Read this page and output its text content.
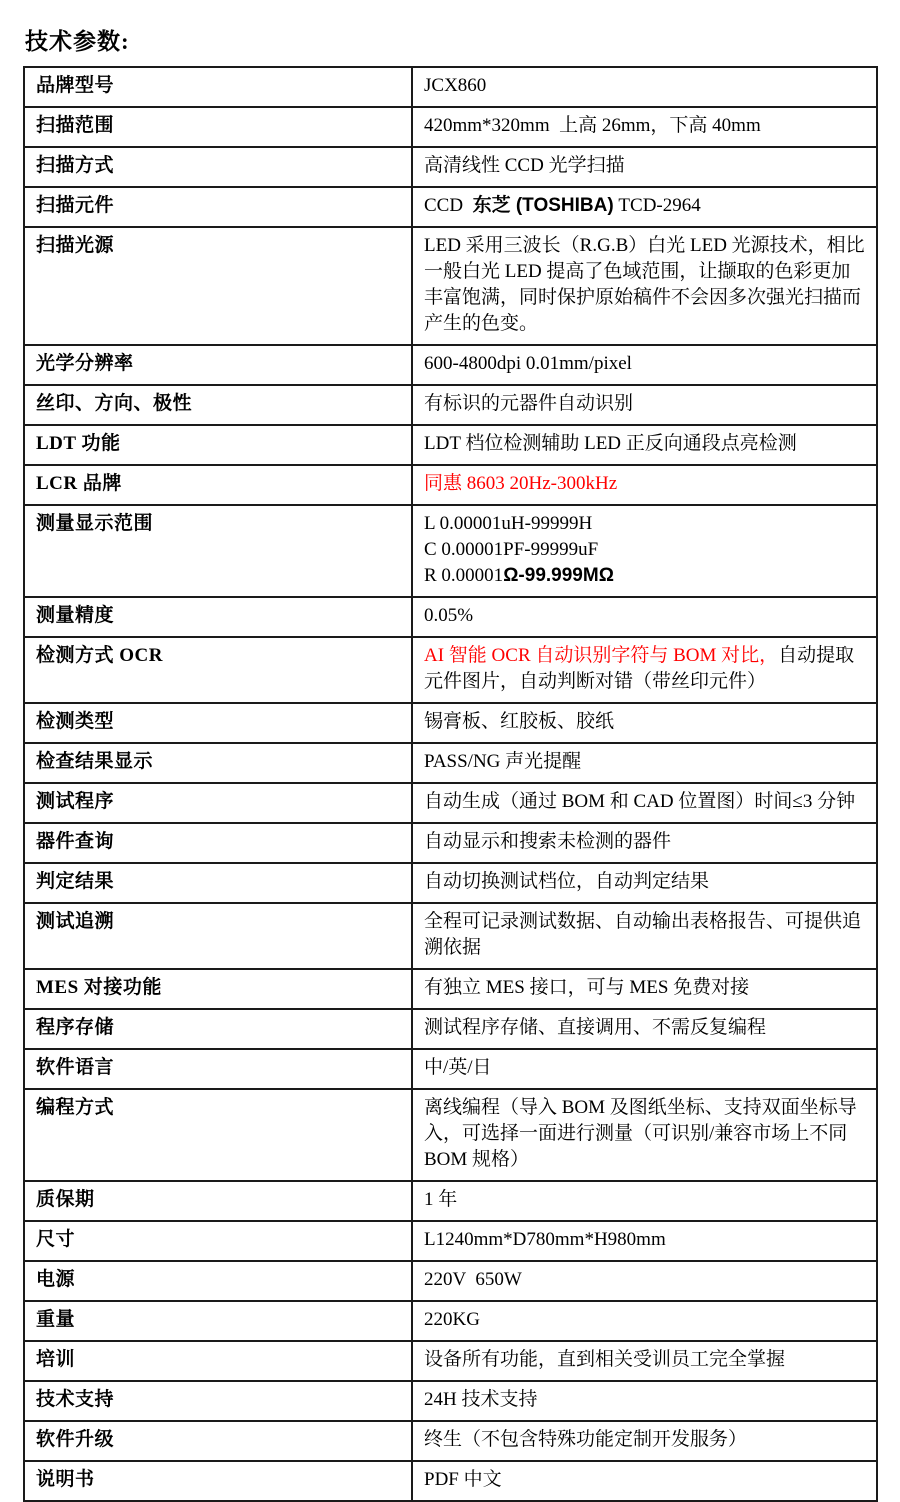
技术参数:
品牌型号	JCX860

扫描范围	420mm*320mm  上高 26mm，下高 40mm

扫描方式	高清线性 CCD 光学扫描

扫描元件	CCD  东芝 (TOSHIBA) TCD-2964

扫描光源	LED 采用三波长（R.G.B）白光 LED 光源技术，相比一般白光 LED 提高了色域范围，让撷取的色彩更加丰富饱满，同时保护原始稿件不会因多次强光扫描而产生的色变。

光学分辨率	600-4800dpi 0.01mm/pixel

丝印、方向、极性	有标识的元器件自动识别

LDT 功能	LDT 档位检测辅助 LED 正反向通段点亮检测

LCR 品牌	同惠 8603 20Hz-300kHz

测量显示范围	L 0.00001uH-99999H
C 0.00001PF-99999uF
R 0.00001Ω-99.999MΩ

测量精度	0.05%

检测方式 OCR	AI 智能 OCR 自动识别字符与 BOM 对比，自动提取元件图片，自动判断对错（带丝印元件）

检测类型	锡膏板、红胶板、胶纸

检查结果显示	PASS/NG 声光提醒

测试程序	自动生成（通过 BOM 和 CAD 位置图）时间≤3 分钟

器件查询	自动显示和搜索未检测的器件

判定结果	自动切换测试档位，自动判定结果

测试追溯	全程可记录测试数据、自动输出表格报告、可提供追溯依据

MES 对接功能	有独立 MES 接口，可与 MES 免费对接

程序存储	测试程序存储、直接调用、不需反复编程

软件语言	中/英/日

编程方式	离线编程（导入 BOM 及图纸坐标、支持双面坐标导入，可选择一面进行测量（可识别/兼容市场上不同 BOM 规格）

质保期	1 年

尺寸	L1240mm*D780mm*H980mm

电源	220V  650W

重量	220KG

培训	设备所有功能，直到相关受训员工完全掌握

技术支持	24H 技术支持

软件升级	终生（不包含特殊功能定制开发服务）

说明书	PDF 中文
